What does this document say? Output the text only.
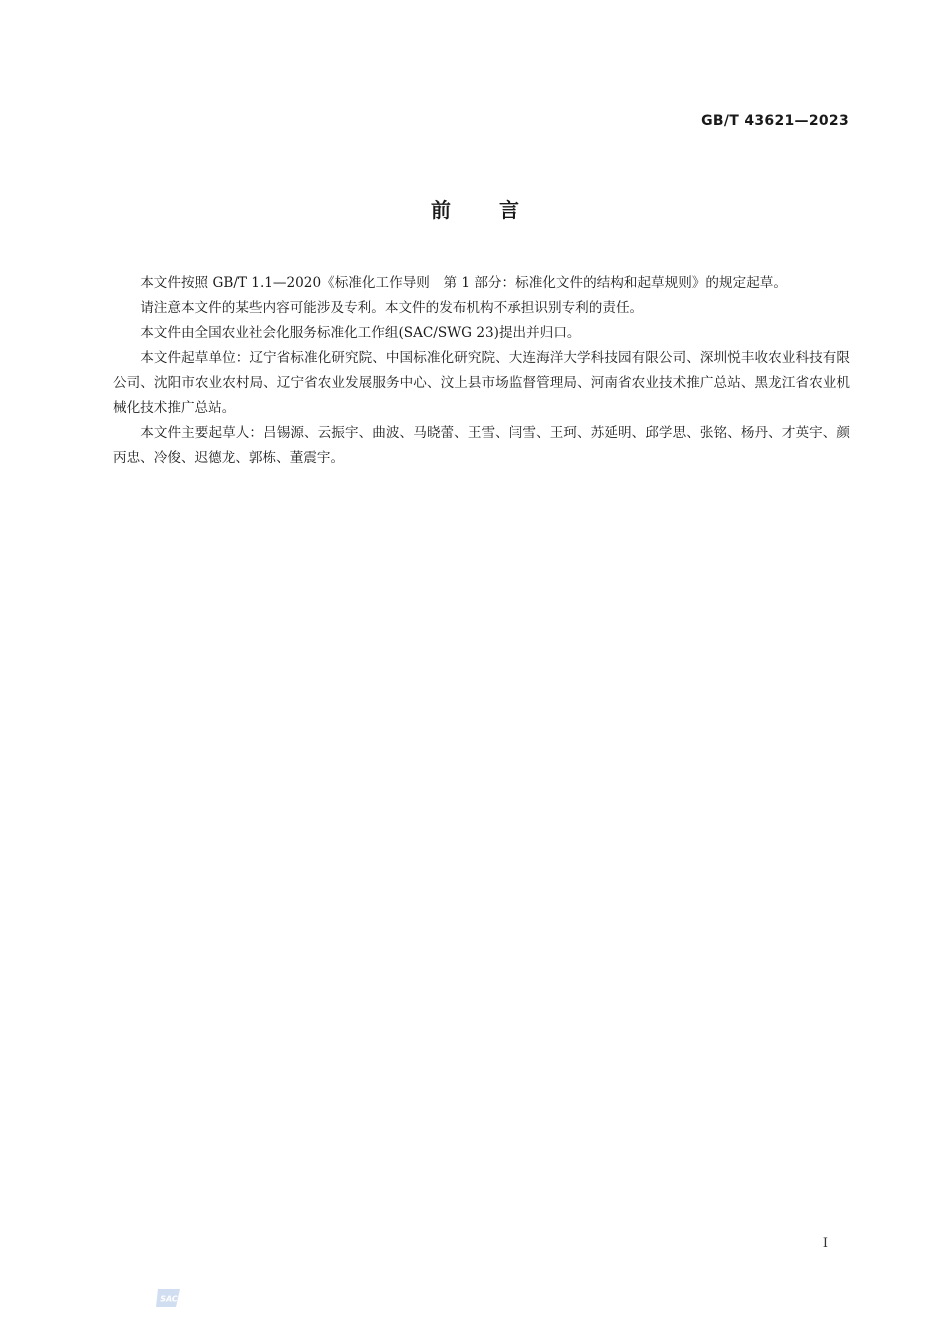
GB/T 43621—2023
前言

本文件按照 GB/T 1.1—2020《标准化工作导则　第 1 部分：标准化文件的结构和起草规则》的规定起草。

请注意本文件的某些内容可能涉及专利。本文件的发布机构不承担识别专利的责任。

本文件由全国农业社会化服务标准化工作组(SAC/SWG 23)提出并归口。

本文件起草单位：辽宁省标准化研究院、中国标准化研究院、大连海洋大学科技园有限公司、深圳悦丰收农业科技有限公司、沈阳市农业农村局、辽宁省农业发展服务中心、汶上县市场监督管理局、河南省农业技术推广总站、黑龙江省农业机械化技术推广总站。

本文件主要起草人：吕锡源、云振宇、曲波、马晓蕾、王雪、闫雪、王珂、苏延明、邱学思、张铭、杨丹、才英宇、颜丙忠、冷俊、迟德龙、郭栋、董震宇。

I
SAC
